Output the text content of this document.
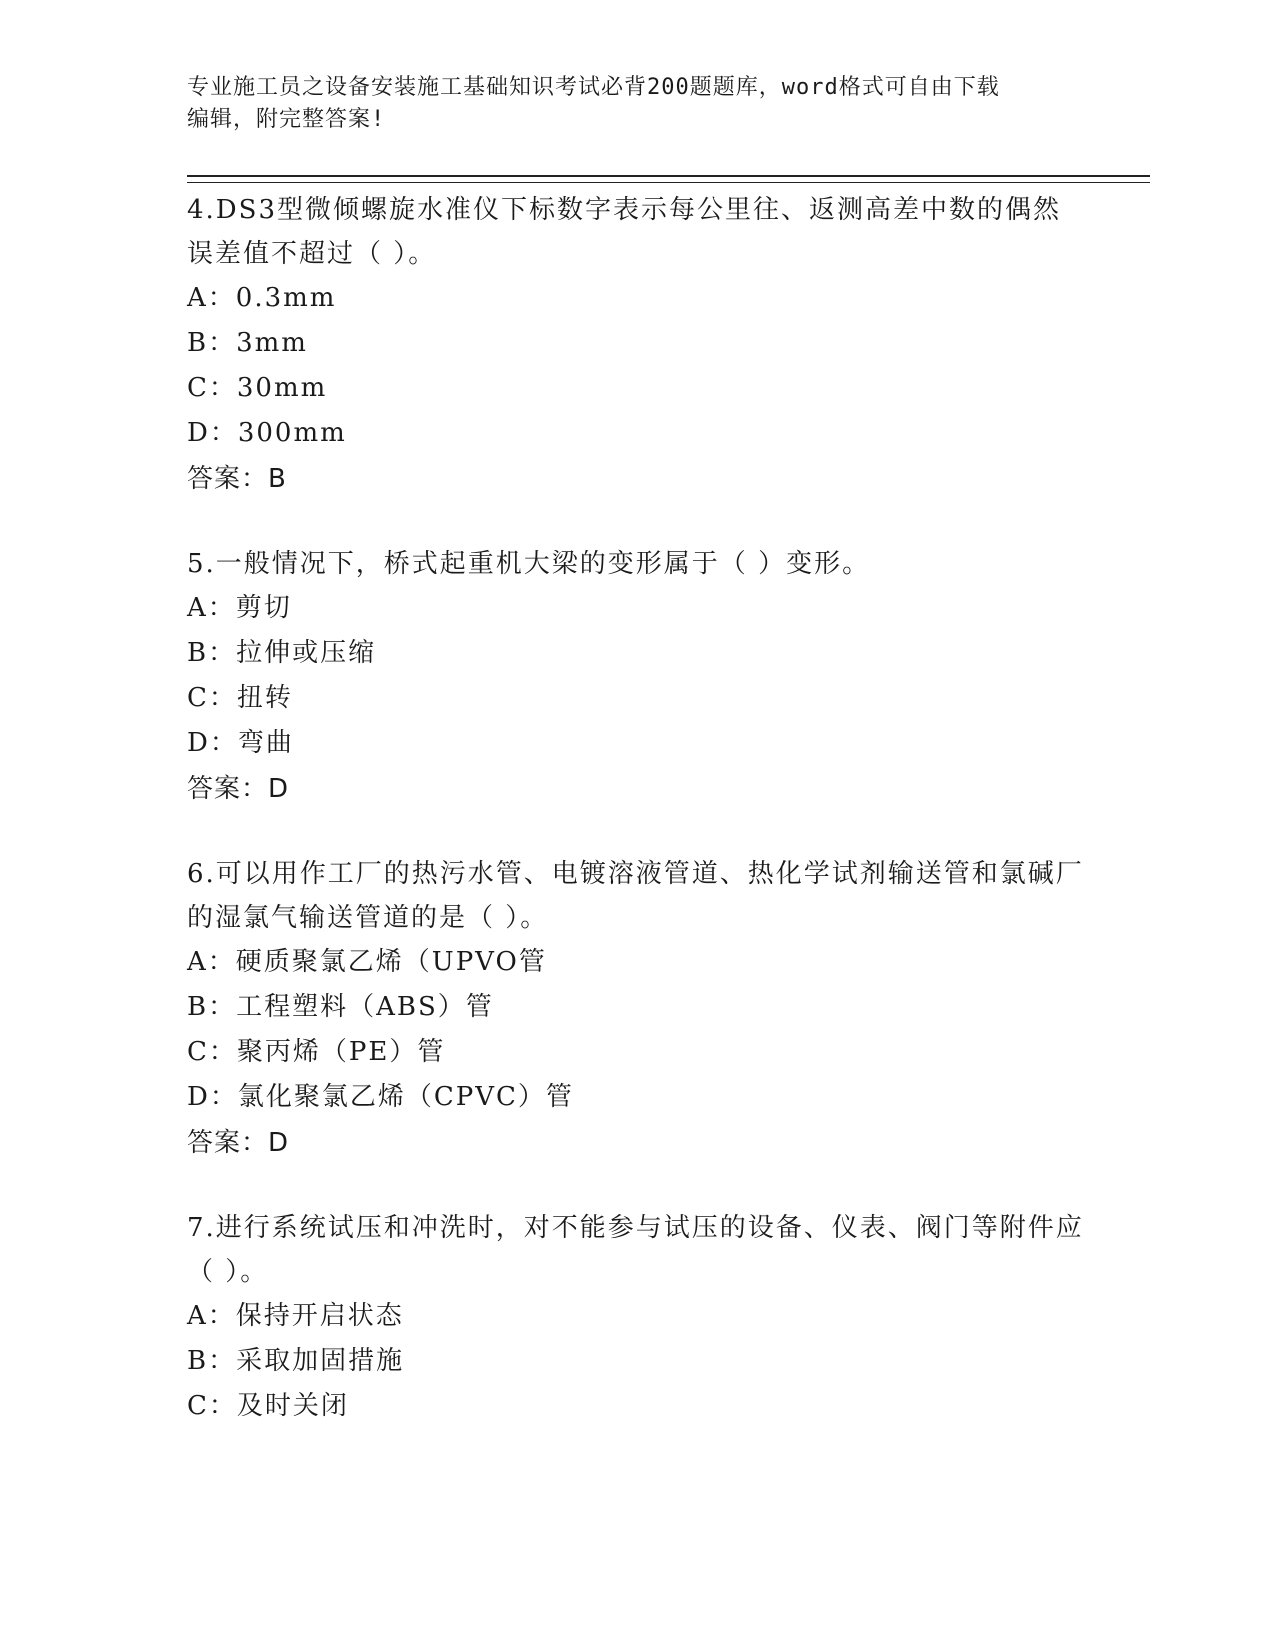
专业施工员之设备安装施工基础知识考试必背200题题库，word格式可自由下载
编辑，附完整答案!

4.DS3型微倾螺旋水准仪下标数字表示每公里往、返测高差中数的偶然误差值不超过（ ）。

A：0.3mm

B：3mm

C：30mm

D：300mm

答案：B

5.一般情况下，桥式起重机大梁的变形属于（ ）变形。

A：剪切

B：拉伸或压缩

C：扭转

D：弯曲

答案：D

6.可以用作工厂的热污水管、电镀溶液管道、热化学试剂输送管和氯碱厂的湿氯气输送管道的是（ ）。

A：硬质聚氯乙烯（UPVO管

B：工程塑料（ABS）管

C：聚丙烯（PE）管

D：氯化聚氯乙烯（CPVC）管

答案：D

7.进行系统试压和冲洗时，对不能参与试压的设备、仪表、阀门等附件应（ ）。

A：保持开启状态

B：采取加固措施

C：及时关闭
